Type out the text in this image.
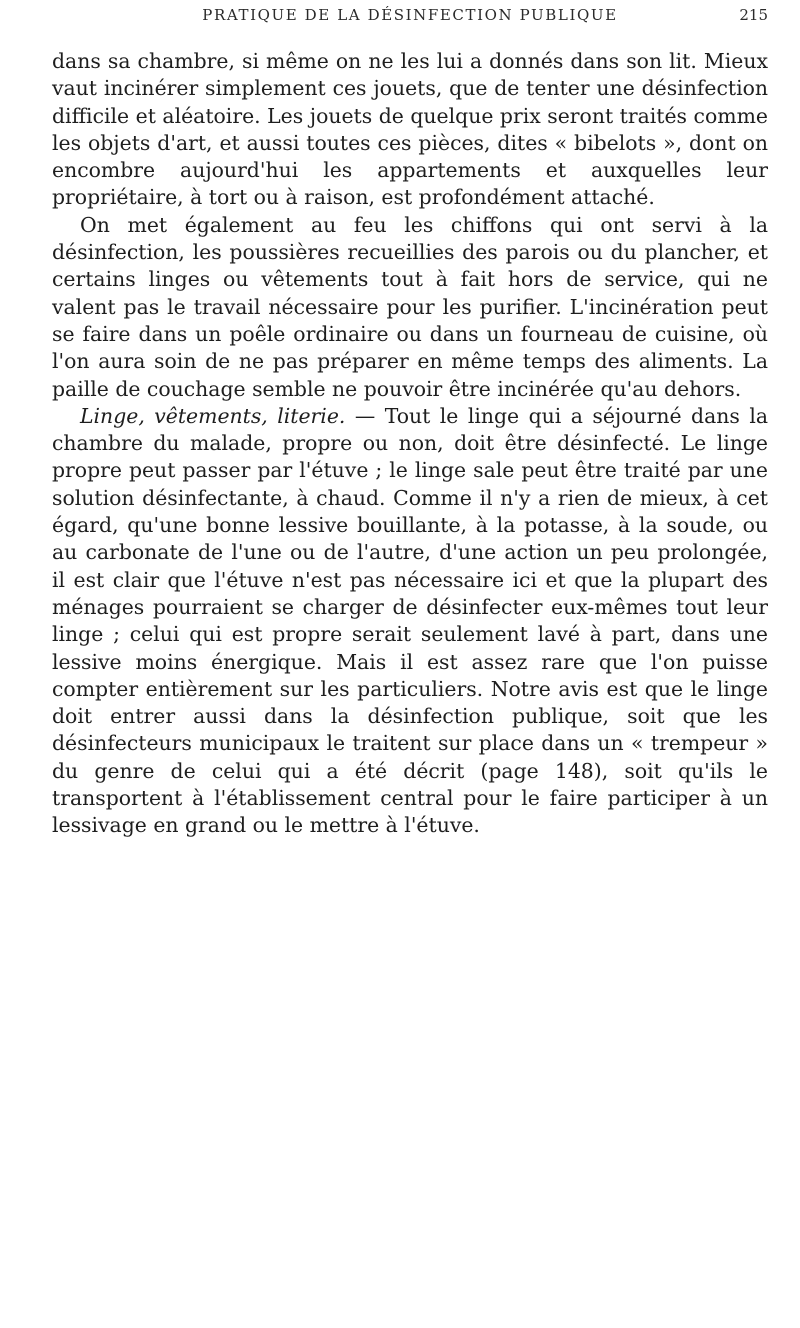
PRATIQUE DE LA DÉSINFECTION PUBLIQUE	215

dans sa chambre, si même on ne les lui a donnés dans son lit. Mieux vaut incinérer simplement ces jouets, que de tenter une désinfection difficile et aléatoire. Les jouets de quelque prix seront traités comme les objets d'art, et aussi toutes ces pièces, dites « bibelots », dont on encombre aujourd'hui les appartements et auxquelles leur propriétaire, à tort ou à raison, est profondément attaché.

On met également au feu les chiffons qui ont servi à la désinfection, les poussières recueillies des parois ou du plancher, et certains linges ou vêtements tout à fait hors de service, qui ne valent pas le travail nécessaire pour les purifier. L'incinération peut se faire dans un poêle ordinaire ou dans un fourneau de cuisine, où l'on aura soin de ne pas préparer en même temps des aliments. La paille de couchage semble ne pouvoir être incinérée qu'au dehors.

Linge, vêtements, literie. — Tout le linge qui a séjourné dans la chambre du malade, propre ou non, doit être désinfecté. Le linge propre peut passer par l'étuve ; le linge sale peut être traité par une solution désinfectante, à chaud. Comme il n'y a rien de mieux, à cet égard, qu'une bonne lessive bouillante, à la potasse, à la soude, ou au carbonate de l'une ou de l'autre, d'une action un peu prolongée, il est clair que l'étuve n'est pas nécessaire ici et que la plupart des ménages pourraient se charger de désinfecter eux-mêmes tout leur linge ; celui qui est propre serait seulement lavé à part, dans une lessive moins énergique. Mais il est assez rare que l'on puisse compter entièrement sur les particuliers. Notre avis est que le linge doit entrer aussi dans la désinfection publique, soit que les désinfecteurs municipaux le traitent sur place dans un « trempeur » du genre de celui qui a été décrit (page 148), soit qu'ils le transportent à l'établissement central pour le faire participer à un lessivage en grand ou le mettre à l'étuve.
